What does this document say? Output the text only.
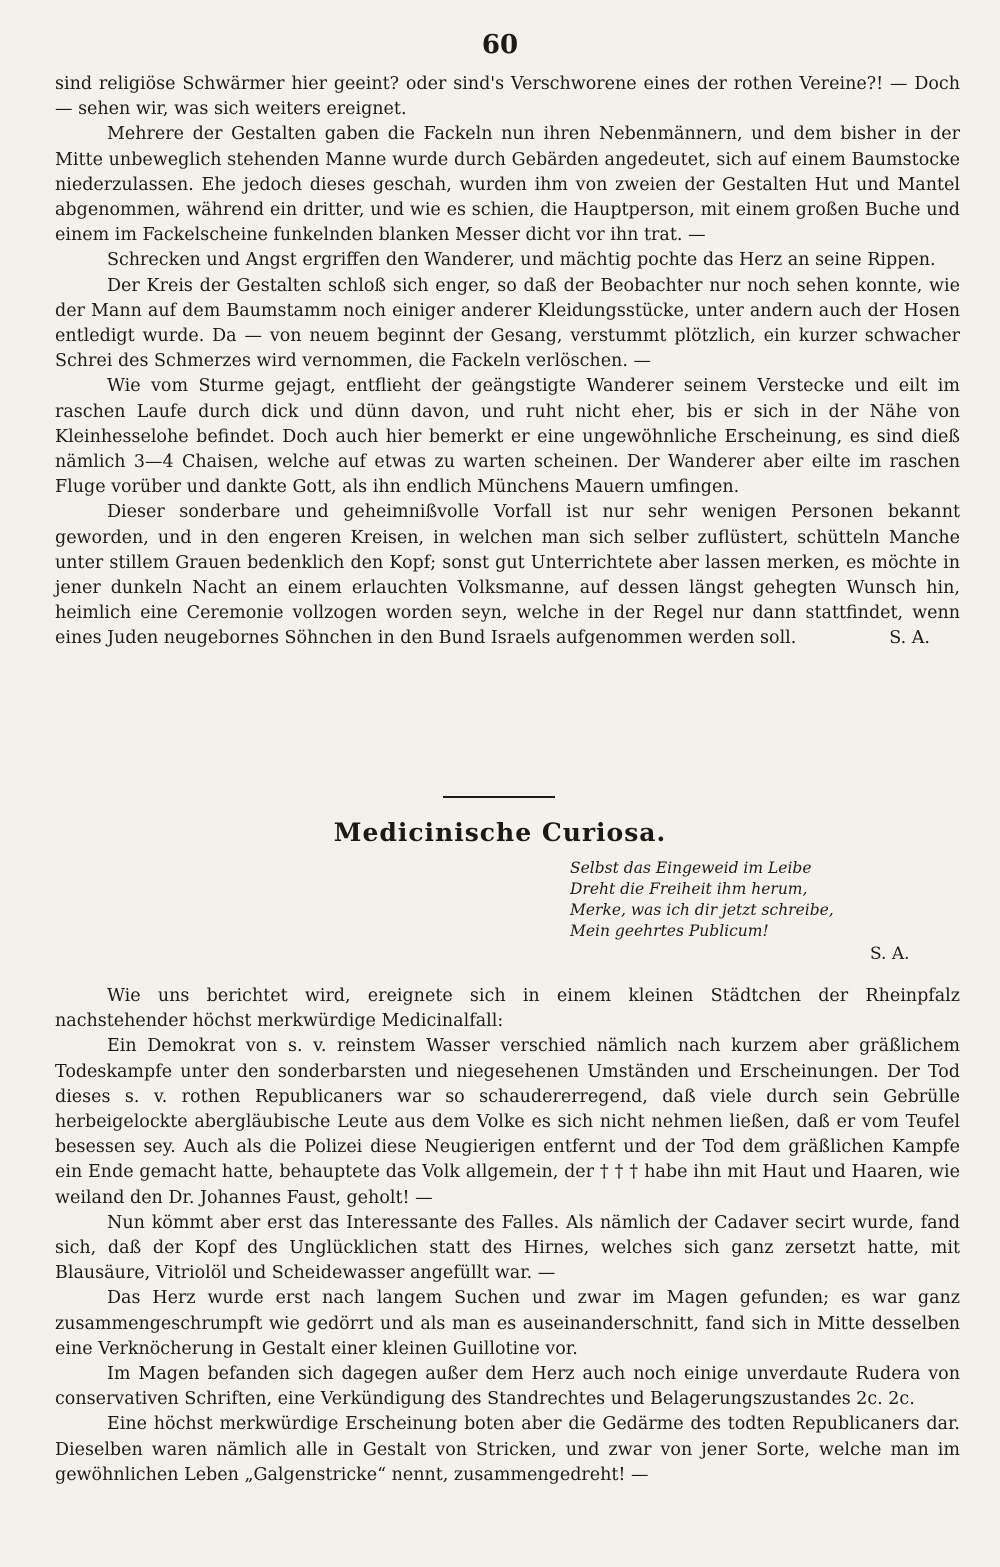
60

sind religiöse Schwärmer hier geeint? oder sind's Verschworene eines der rothen Vereine?! — Doch — sehen wir, was sich weiters ereignet.

Mehrere der Gestalten gaben die Fackeln nun ihren Nebenmännern, und dem bisher in der Mitte unbeweglich stehenden Manne wurde durch Gebärden angedeutet, sich auf einem Baumstocke niederzulassen. Ehe jedoch dieses geschah, wurden ihm von zweien der Gestalten Hut und Mantel abgenommen, während ein dritter, und wie es schien, die Hauptperson, mit einem großen Buche und einem im Fackelscheine funkelnden blanken Messer dicht vor ihn trat. —

Schrecken und Angst ergriffen den Wanderer, und mächtig pochte das Herz an seine Rippen.

Der Kreis der Gestalten schloß sich enger, so daß der Beobachter nur noch sehen konnte, wie der Mann auf dem Baumstamm noch einiger anderer Kleidungsstücke, unter andern auch der Hosen entledigt wurde. Da — von neuem beginnt der Gesang, verstummt plötzlich, ein kurzer schwacher Schrei des Schmerzes wird vernommen, die Fackeln verlöschen. —

Wie vom Sturme gejagt, entflieht der geängstigte Wanderer seinem Verstecke und eilt im raschen Laufe durch dick und dünn davon, und ruht nicht eher, bis er sich in der Nähe von Kleinhesselohe befindet. Doch auch hier bemerkt er eine ungewöhnliche Erscheinung, es sind dieß nämlich 3—4 Chaisen, welche auf etwas zu warten scheinen. Der Wanderer aber eilte im raschen Fluge vorüber und dankte Gott, als ihn endlich Münchens Mauern umfingen.

Dieser sonderbare und geheimnißvolle Vorfall ist nur sehr wenigen Personen bekannt geworden, und in den engeren Kreisen, in welchen man sich selber zuflüstert, schütteln Manche unter stillem Grauen bedenklich den Kopf; sonst gut Unterrichtete aber lassen merken, es möchte in jener dunkeln Nacht an einem erlauchten Volksmanne, auf dessen längst gehegten Wunsch hin, heimlich eine Ceremonie vollzogen worden seyn, welche in der Regel nur dann stattfindet, wenn eines Juden neugebornes Söhnchen in den Bund Israels aufgenommen werden soll.	S. A.
Medicinische Curiosa.
Selbst das Eingeweid im Leibe
Dreht die Freiheit ihm herum,
Merke, was ich dir jetzt schreibe,
Mein geehrtes Publicum!
S. A.

Wie uns berichtet wird, ereignete sich in einem kleinen Städtchen der Rheinpfalz nachstehender höchst merkwürdige Medicinalfall:

Ein Demokrat von s. v. reinstem Wasser verschied nämlich nach kurzem aber gräßlichem Todeskampfe unter den sonderbarsten und niegesehenen Umständen und Erscheinungen. Der Tod dieses s. v. rothen Republicaners war so schaudererregend, daß viele durch sein Gebrülle herbeigelockte abergläubische Leute aus dem Volke es sich nicht nehmen ließen, daß er vom Teufel besessen sey. Auch als die Polizei diese Neugierigen entfernt und der Tod dem gräßlichen Kampfe ein Ende gemacht hatte, behauptete das Volk allgemein, der † † † habe ihn mit Haut und Haaren, wie weiland den Dr. Johannes Faust, geholt! —

Nun kömmt aber erst das Interessante des Falles. Als nämlich der Cadaver secirt wurde, fand sich, daß der Kopf des Unglücklichen statt des Hirnes, welches sich ganz zersetzt hatte, mit Blausäure, Vitriolöl und Scheidewasser angefüllt war. —

Das Herz wurde erst nach langem Suchen und zwar im Magen gefunden; es war ganz zusammengeschrumpft wie gedörrt und als man es auseinanderschnitt, fand sich in Mitte desselben eine Verknöcherung in Gestalt einer kleinen Guillotine vor.

Im Magen befanden sich dagegen außer dem Herz auch noch einige unverdaute Rudera von conservativen Schriften, eine Verkündigung des Standrechtes und Belagerungszustandes 2c. 2c.

Eine höchst merkwürdige Erscheinung boten aber die Gedärme des todten Republicaners dar. Dieselben waren nämlich alle in Gestalt von Stricken, und zwar von jener Sorte, welche man im gewöhnlichen Leben „Galgenstricke“ nennt, zusammengedreht! —
